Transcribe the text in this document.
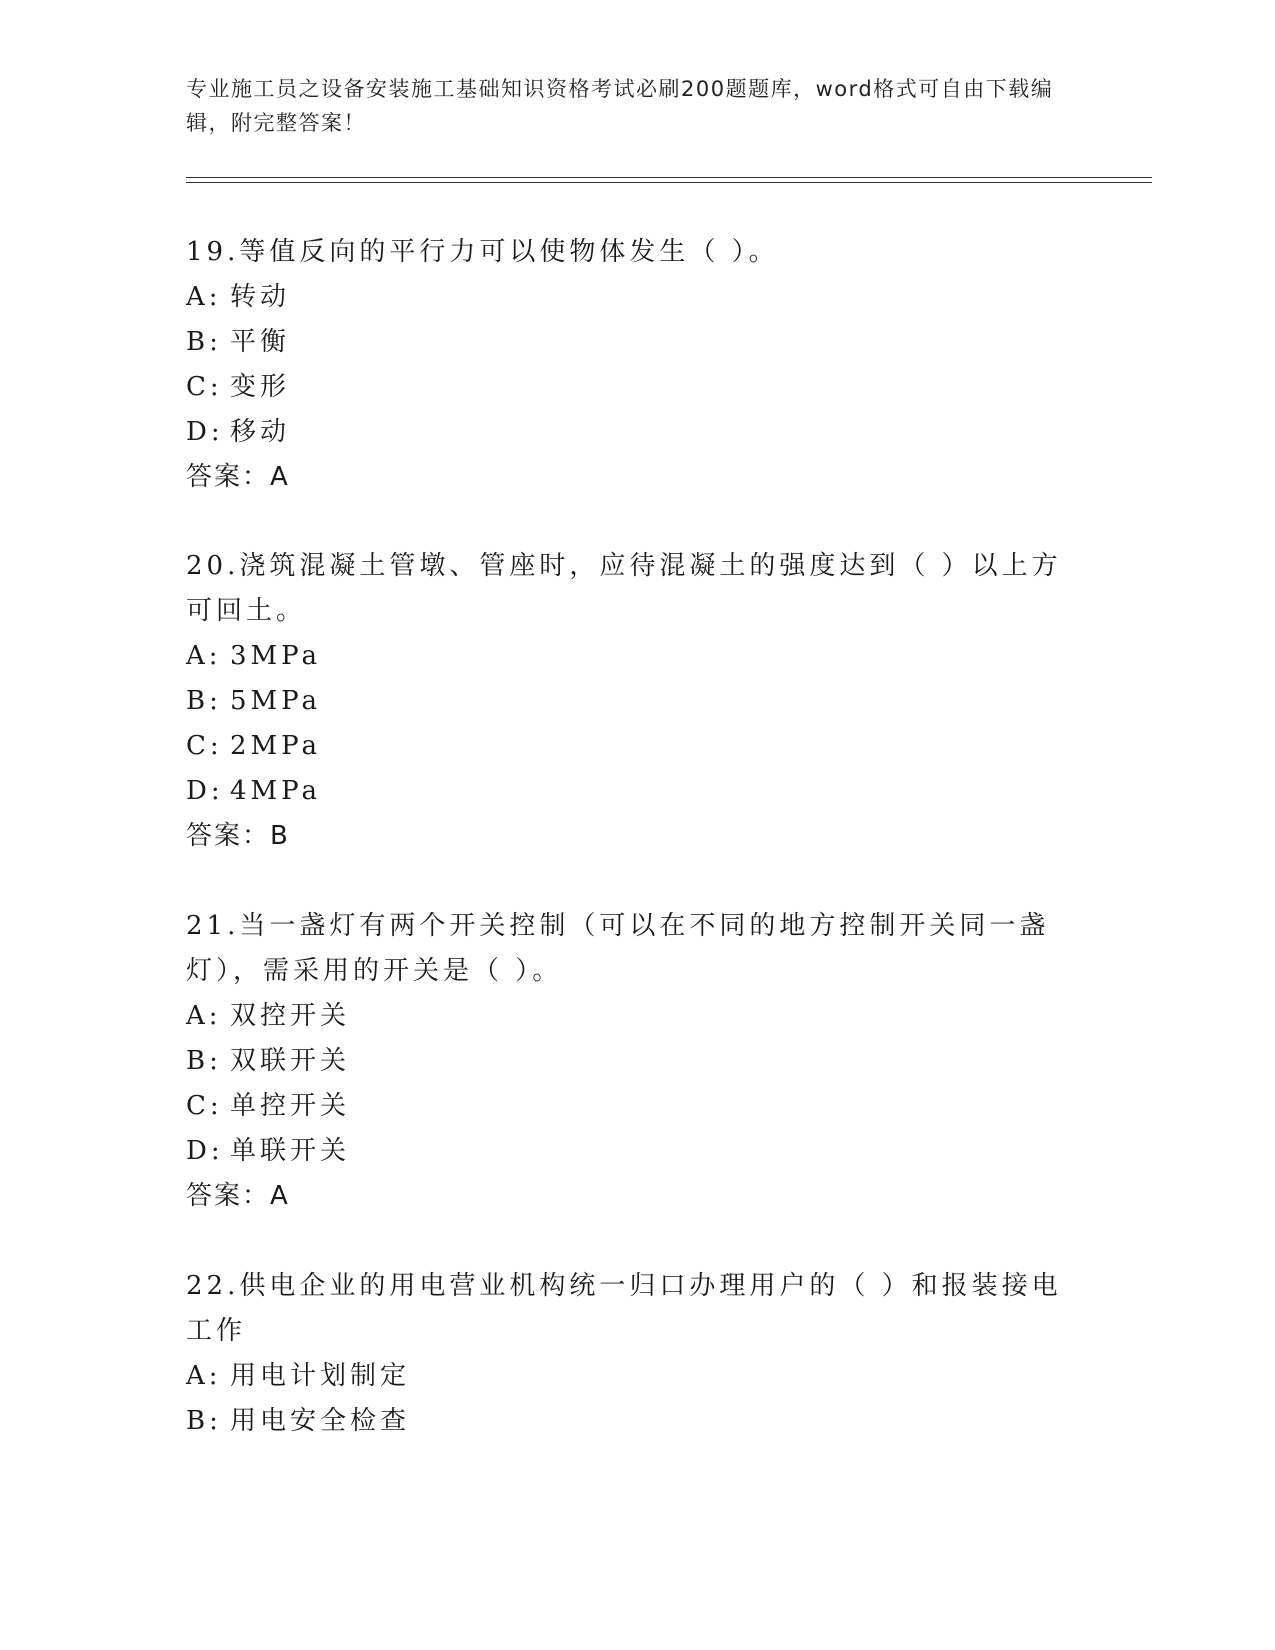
专业施工员之设备安装施工基础知识资格考试必刷200题题库，word格式可自由下载编辑，附完整答案！

19.等值反向的平行力可以使物体发生（ ）。

A: 转动
B: 平衡
C: 变形
D: 移动
答案：A

20.浇筑混凝土管墩、管座时，应待混凝土的强度达到（ ）以上方可回土。

A: 3MPa
B: 5MPa
C: 2MPa
D: 4MPa
答案：B

21.当一盏灯有两个开关控制（可以在不同的地方控制开关同一盏灯），需采用的开关是（ ）。

A: 双控开关
B: 双联开关
C: 单控开关
D: 单联开关
答案：A

22.供电企业的用电营业机构统一归口办理用户的（ ）和报装接电工作

A: 用电计划制定
B: 用电安全检查
